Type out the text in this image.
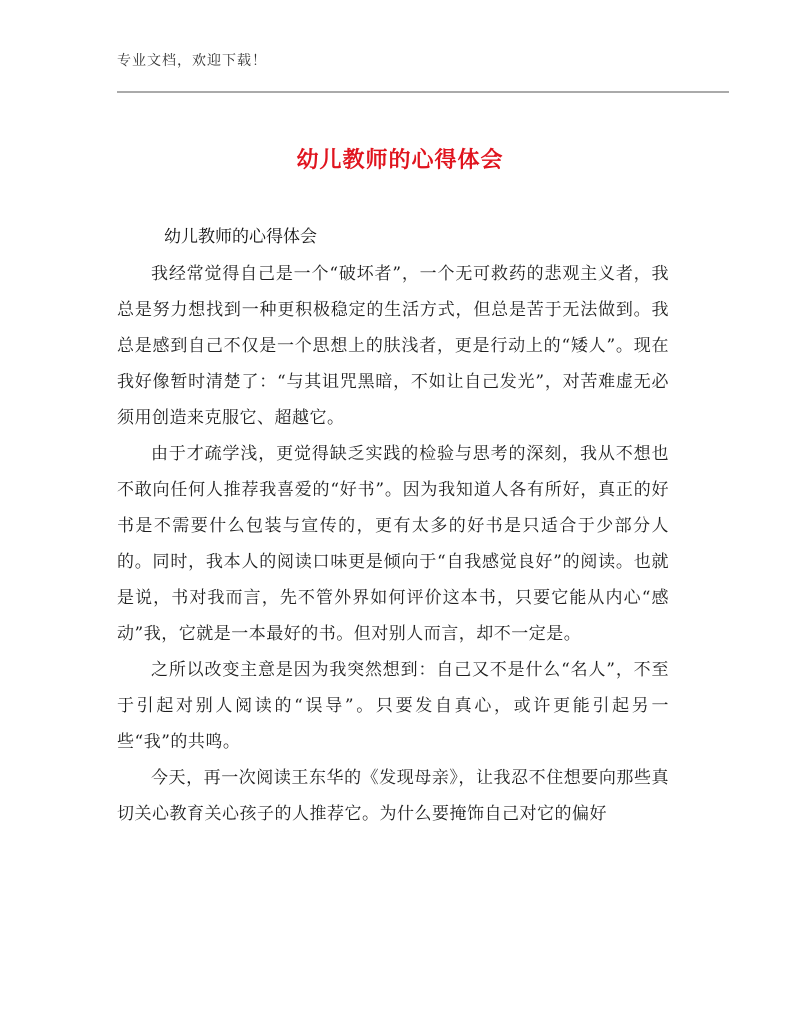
专业文档，欢迎下载！
幼儿教师的心得体会
幼儿教师的心得体会

我经常觉得自己是一个“破坏者”，一个无可救药的悲观主义者，我总是努力想找到一种更积极稳定的生活方式，但总是苦于无法做到。我总是感到自己不仅是一个思想上的肤浅者，更是行动上的“矮人”。现在我好像暂时清楚了：“与其诅咒黑暗，不如让自己发光”，对苦难虚无必须用创造来克服它、超越它。

由于才疏学浅，更觉得缺乏实践的检验与思考的深刻，我从不想也不敢向任何人推荐我喜爱的“好书”。因为我知道人各有所好，真正的好书是不需要什么包装与宣传的，更有太多的好书是只适合于少部分人的。同时，我本人的阅读口味更是倾向于“自我感觉良好”的阅读。也就是说，书对我而言，先不管外界如何评价这本书，只要它能从内心“感动”我，它就是一本最好的书。但对别人而言，却不一定是。

之所以改变主意是因为我突然想到：自己又不是什么“名人”，不至于引起对别人阅读的“误导”。只要发自真心，或许更能引起另一些“我”的共鸣。

今天，再一次阅读王东华的《发现母亲》，让我忍不住想要向那些真切关心教育关心孩子的人推荐它。为什么要掩饰自己对它的偏好
